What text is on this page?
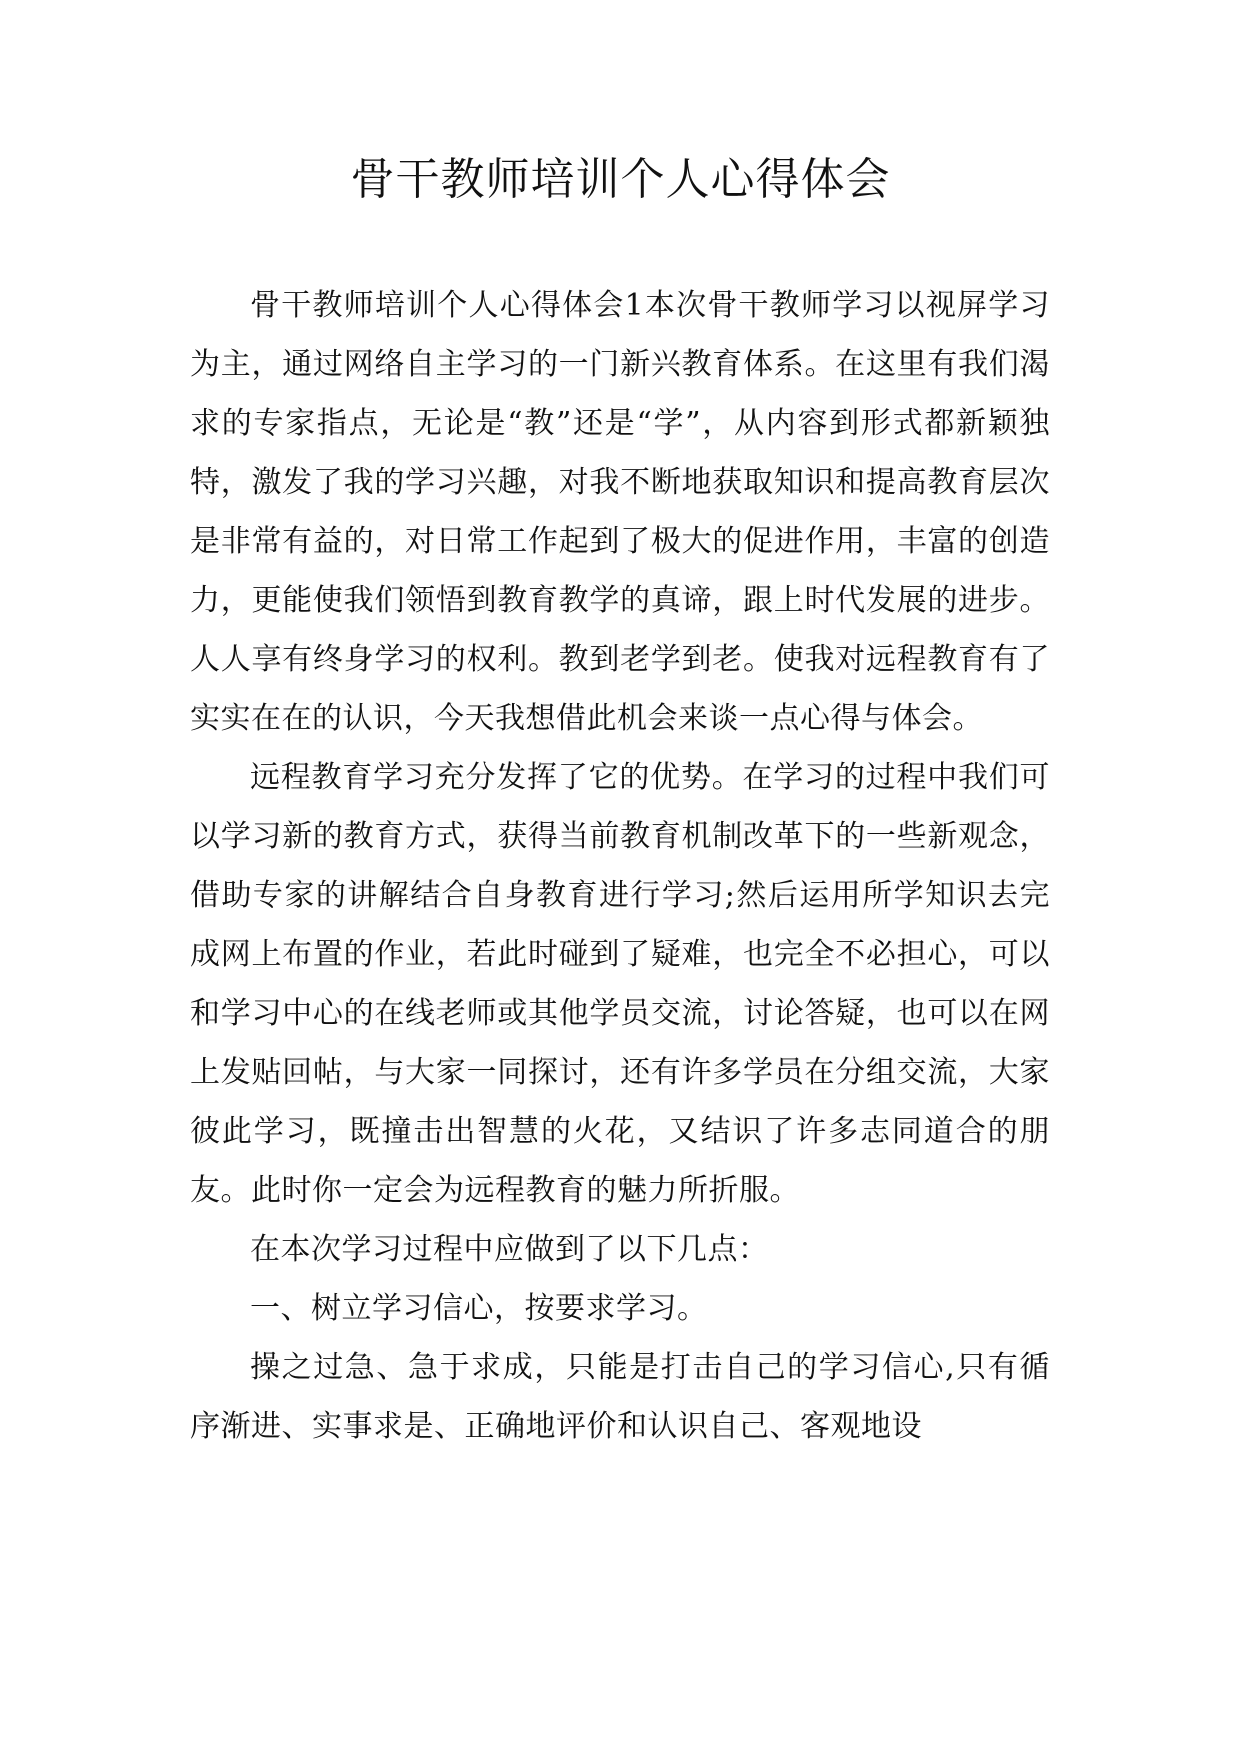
骨干教师培训个人心得体会

骨干教师培训个人心得体会1本次骨干教师学习以视屏学习为主，通过网络自主学习的一门新兴教育体系。在这里有我们渴求的专家指点，无论是“教”还是“学”，从内容到形式都新颖独特，激发了我的学习兴趣，对我不断地获取知识和提高教育层次是非常有益的，对日常工作起到了极大的促进作用，丰富的创造力，更能使我们领悟到教育教学的真谛，跟上时代发展的进步。人人享有终身学习的权利。教到老学到老。使我对远程教育有了实实在在的认识，今天我想借此机会来谈一点心得与体会。

远程教育学习充分发挥了它的优势。在学习的过程中我们可以学习新的教育方式，获得当前教育机制改革下的一些新观念，借助专家的讲解结合自身教育进行学习;然后运用所学知识去完成网上布置的作业，若此时碰到了疑难，也完全不必担心，可以和学习中心的在线老师或其他学员交流，讨论答疑，也可以在网上发贴回帖，与大家一同探讨，还有许多学员在分组交流，大家彼此学习，既撞击出智慧的火花，又结识了许多志同道合的朋友。此时你一定会为远程教育的魅力所折服。

在本次学习过程中应做到了以下几点：

一、树立学习信心，按要求学习。

操之过急、急于求成，只能是打击自己的学习信心,只有循序渐进、实事求是、正确地评价和认识自己、客观地设
